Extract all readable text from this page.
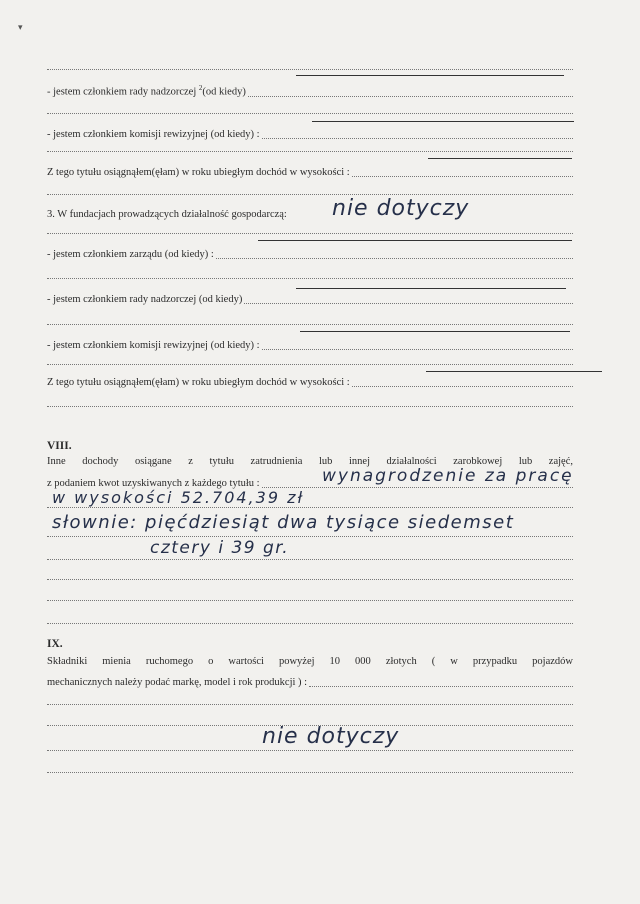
▾
- jestem członkiem rady nadzorczej $^2$(od kiedy)
- jestem członkiem komisji rewizyjnej (od kiedy) :
Z tego tytułu osiągnąłem(ęłam) w roku ubiegłym dochód w wysokości :
3. W fundacjach prowadzących działalność gospodarczą: nie dotyczy
- jestem członkiem zarządu (od kiedy) :
- jestem członkiem rady nadzorczej (od kiedy)
- jestem członkiem komisji rewizyjnej (od kiedy) :
Z tego tytułu osiągnąłem(ęłam) w roku ubiegłym dochód w wysokości :
VIII.
Inne dochody osiągane z tytułu zatrudnienia lub innej działalności zarobkowej lub zajęć,
z podaniem kwot uzyskiwanych z każdego tytułu :	wynagrodzenie za pracę
w wysokości 52.704,39 zł
słownie: pięćdziesiąt dwa tysiące siedemset
cztery i 39 gr.
IX.
Składniki mienia ruchomego o wartości powyżej 10 000 złotych ( w przypadku pojazdów
mechanicznych należy podać markę, model i rok produkcji ) :
nie dotyczy
